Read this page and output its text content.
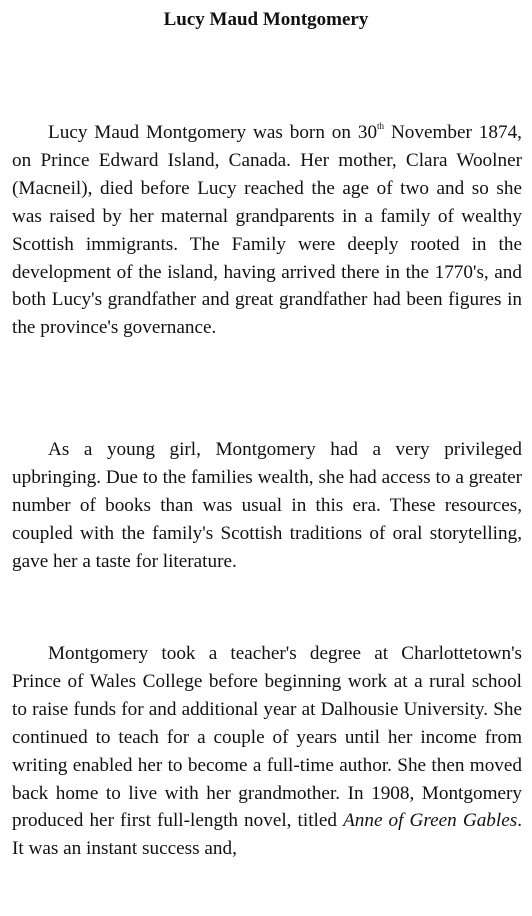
Lucy Maud Montgomery

Lucy Maud Montgomery was born on 30th November 1874, on Prince Edward Island, Canada. Her mother, Clara Woolner (Macneil), died before Lucy reached the age of two and so she was raised by her maternal grandparents in a family of wealthy Scottish immigrants. The Family were deeply rooted in the development of the island, having arrived there in the 1770's, and both Lucy's grandfather and great grandfather had been figures in the province's governance.

As a young girl, Montgomery had a very privileged upbringing. Due to the families wealth, she had access to a greater number of books than was usual in this era. These resources, coupled with the family's Scottish traditions of oral storytelling, gave her a taste for literature.

Montgomery took a teacher's degree at Charlottetown's Prince of Wales College before beginning work at a rural school to raise funds for and additional year at Dalhousie University. She continued to teach for a couple of years until her income from writing enabled her to become a full-time author. She then moved back home to live with her grandmother. In 1908, Montgomery produced her first full-length novel, titled Anne of Green Gables. It was an instant success and,
